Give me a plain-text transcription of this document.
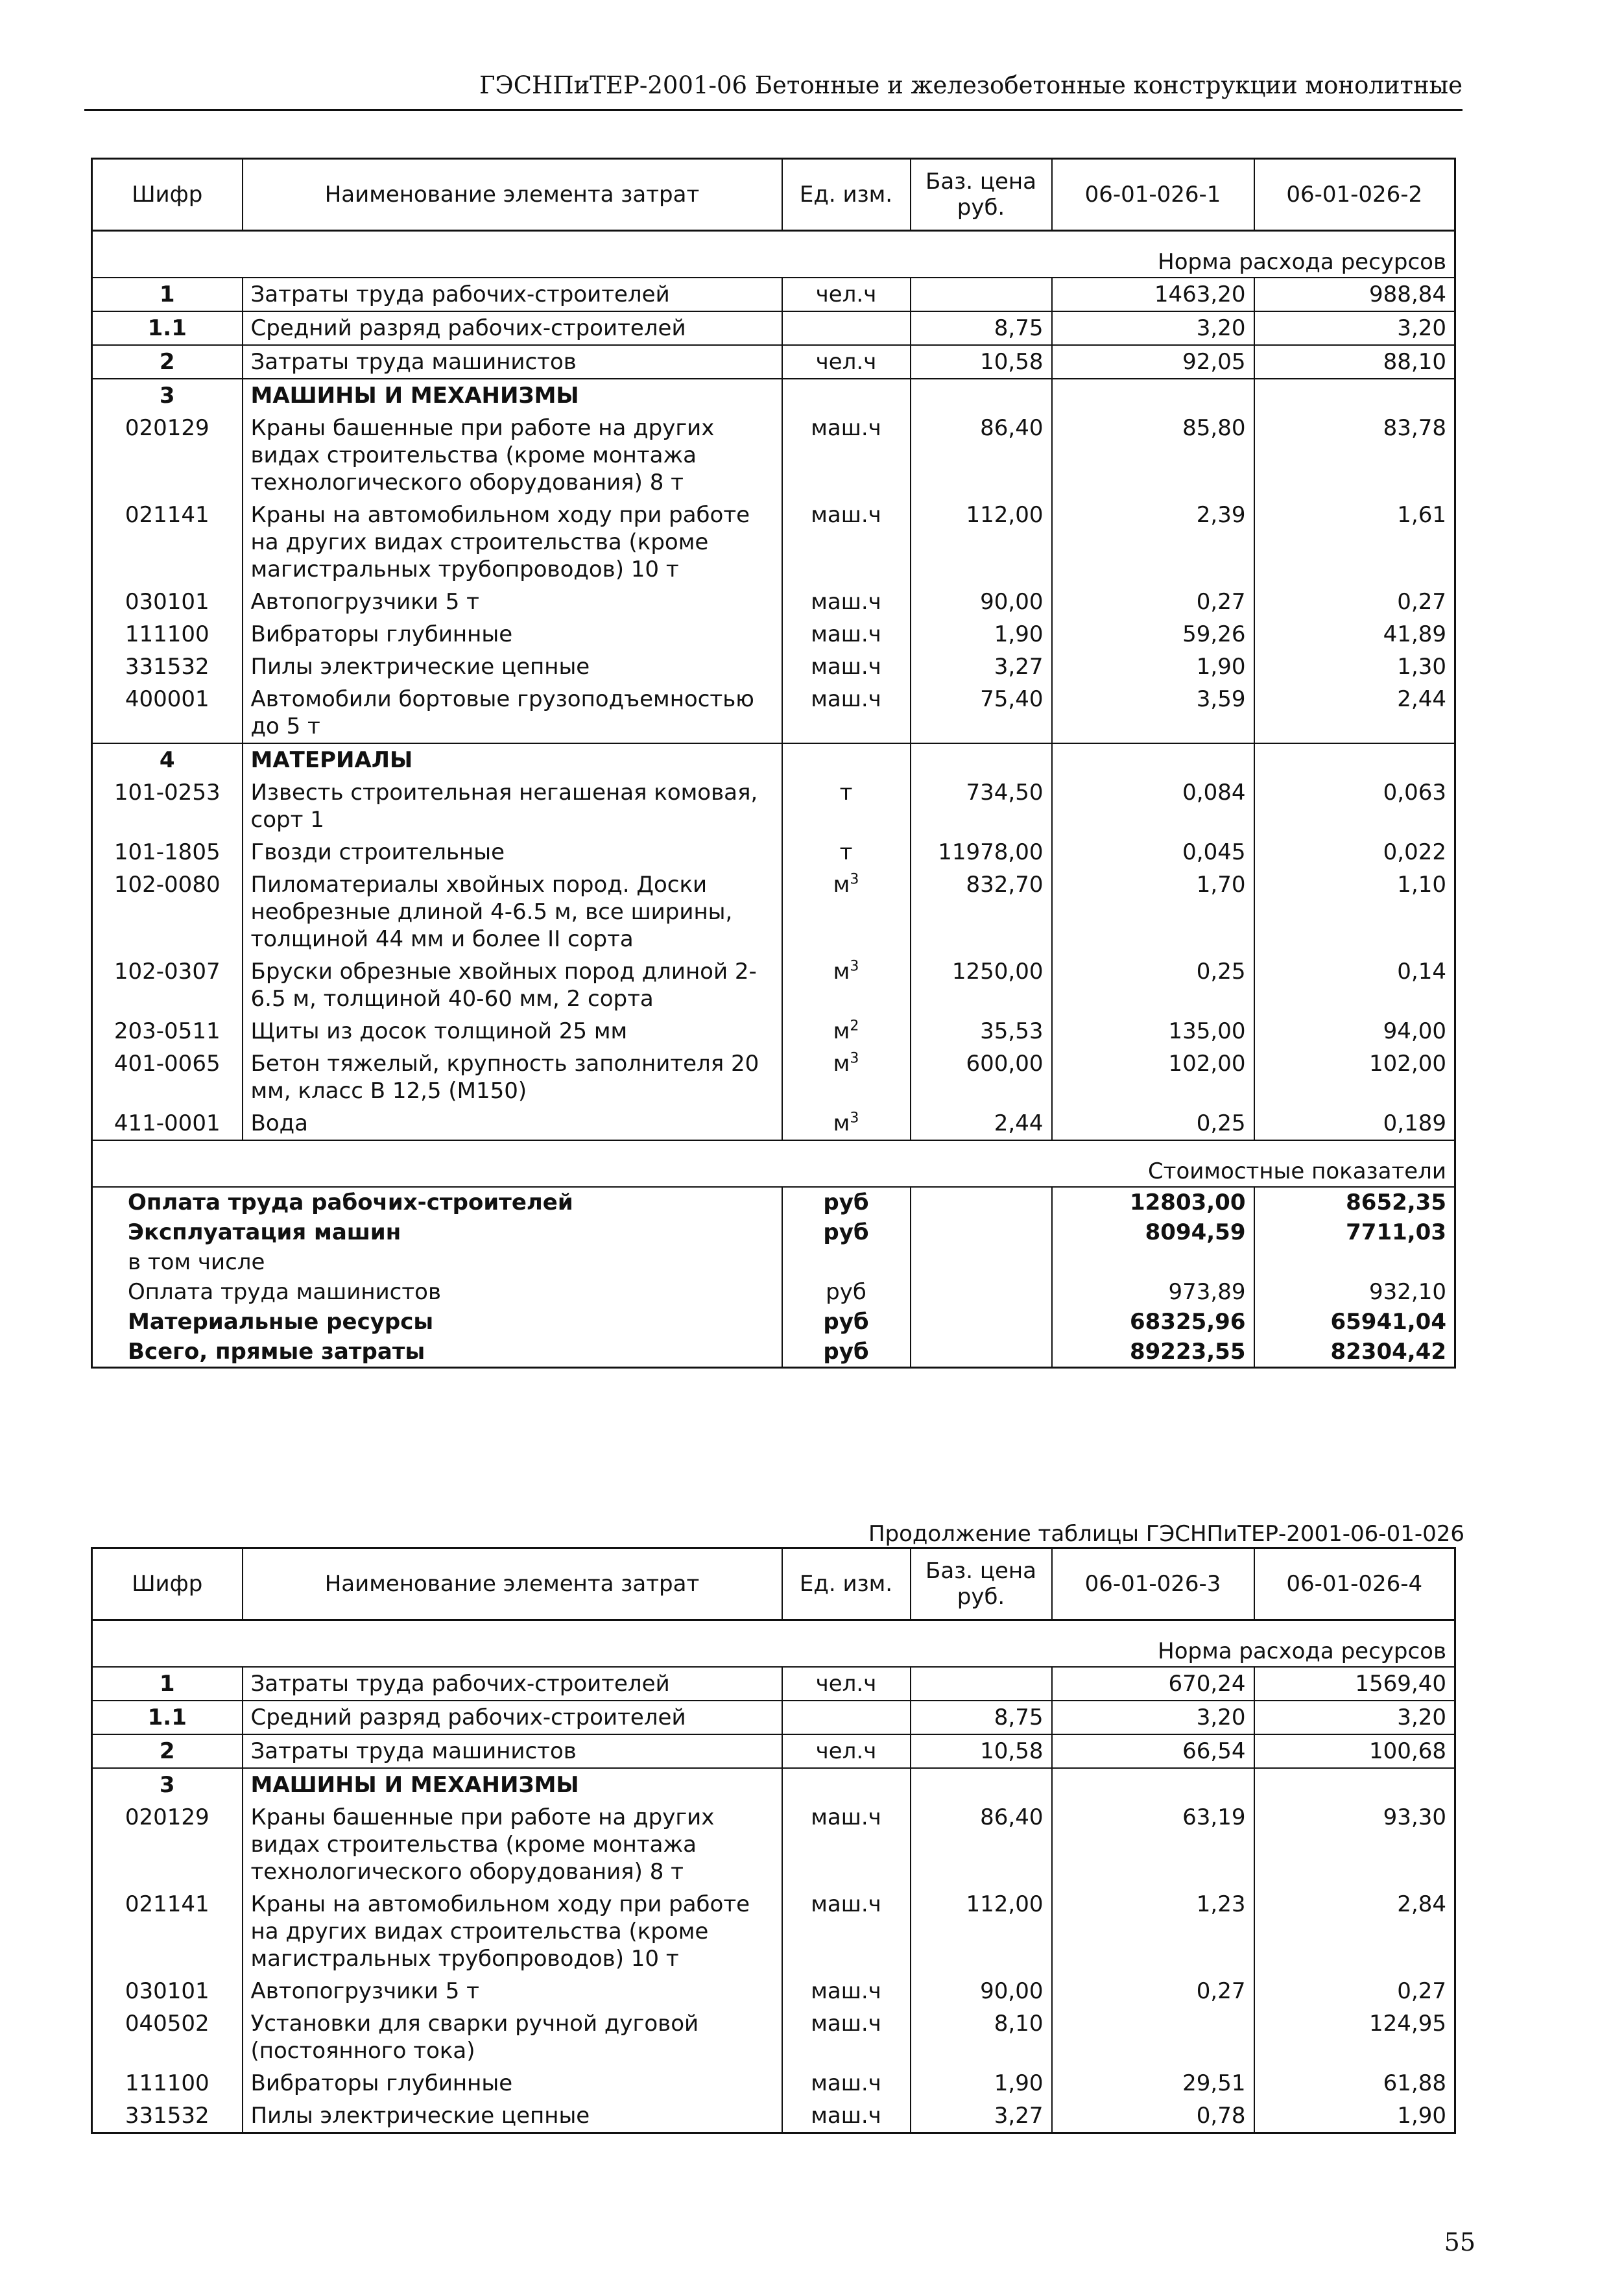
ГЭСНПиТЕР-2001-06 Бетонные и железобетонные конструкции монолитные
Шифр	Наименование элемента затрат	Ед. изм.	Баз. цена руб.	06-01-026-1	06-01-026-2
Норма расхода ресурсов					
1	Затраты труда рабочих-строителей	чел.ч		1463,20	988,84
1.1	Средний разряд рабочих-строителей		8,75	3,20	3,20
2	Затраты труда машинистов	чел.ч	10,58	92,05	88,10
3	МАШИНЫ И МЕХАНИЗМЫ				
020129	Краны башенные при работе на других видах строительства (кроме монтажа технологического оборудования) 8 т	маш.ч	86,40	85,80	83,78
021141	Краны на автомобильном ходу при работе на других видах строительства (кроме магистральных трубопроводов) 10 т	маш.ч	112,00	2,39	1,61
030101	Автопогрузчики 5 т	маш.ч	90,00	0,27	0,27
111100	Вибраторы глубинные	маш.ч	1,90	59,26	41,89
331532	Пилы электрические цепные	маш.ч	3,27	1,90	1,30
400001	Автомобили бортовые грузоподъемностью до 5 т	маш.ч	75,40	3,59	2,44
4	МАТЕРИАЛЫ				
101-0253	Известь строительная негашеная комовая, сорт 1	т	734,50	0,084	0,063
101-1805	Гвозди строительные	т	11978,00	0,045	0,022
102-0080	Пиломатериалы хвойных пород. Доски необрезные длиной 4-6.5 м, все ширины, толщиной 44 мм и более II сорта	$м^3$	832,70	1,70	1,10
102-0307	Бруски обрезные хвойных пород длиной 2-6.5 м, толщиной 40-60 мм, 2 сорта	$м^3$	1250,00	0,25	0,14
203-0511	Щиты из досок толщиной 25 мм	$м^2$	35,53	135,00	94,00
401-0065	Бетон тяжелый, крупность заполнителя 20 мм, класс В 12,5 (М150)	$м^3$	600,00	102,00	102,00
411-0001	Вода	$м^3$	2,44	0,25	0,189
Стоимостные показатели					
Оплата труда рабочих-строителей		руб		12803,00	8652,35
Эксплуатация машин		руб		8094,59	7711,03
в том числе					
Оплата труда машинистов		руб		973,89	932,10
Материальные ресурсы		руб		68325,96	65941,04
Всего, прямые затраты		руб		89223,55	82304,42
Продолжение таблицы ГЭСНПиТЕР-2001-06-01-026
Шифр	Наименование элемента затрат	Ед. изм.	Баз. цена руб.	06-01-026-3	06-01-026-4
Норма расхода ресурсов					
1	Затраты труда рабочих-строителей	чел.ч		670,24	1569,40
1.1	Средний разряд рабочих-строителей		8,75	3,20	3,20
2	Затраты труда машинистов	чел.ч	10,58	66,54	100,68
3	МАШИНЫ И МЕХАНИЗМЫ				
020129	Краны башенные при работе на других видах строительства (кроме монтажа технологического оборудования) 8 т	маш.ч	86,40	63,19	93,30
021141	Краны на автомобильном ходу при работе на других видах строительства (кроме магистральных трубопроводов) 10 т	маш.ч	112,00	1,23	2,84
030101	Автопогрузчики 5 т	маш.ч	90,00	0,27	0,27
040502	Установки для сварки ручной дуговой (постоянного тока)	маш.ч	8,10		124,95
111100	Вибраторы глубинные	маш.ч	1,90	29,51	61,88
331532	Пилы электрические цепные	маш.ч	3,27	0,78	1,90
55
